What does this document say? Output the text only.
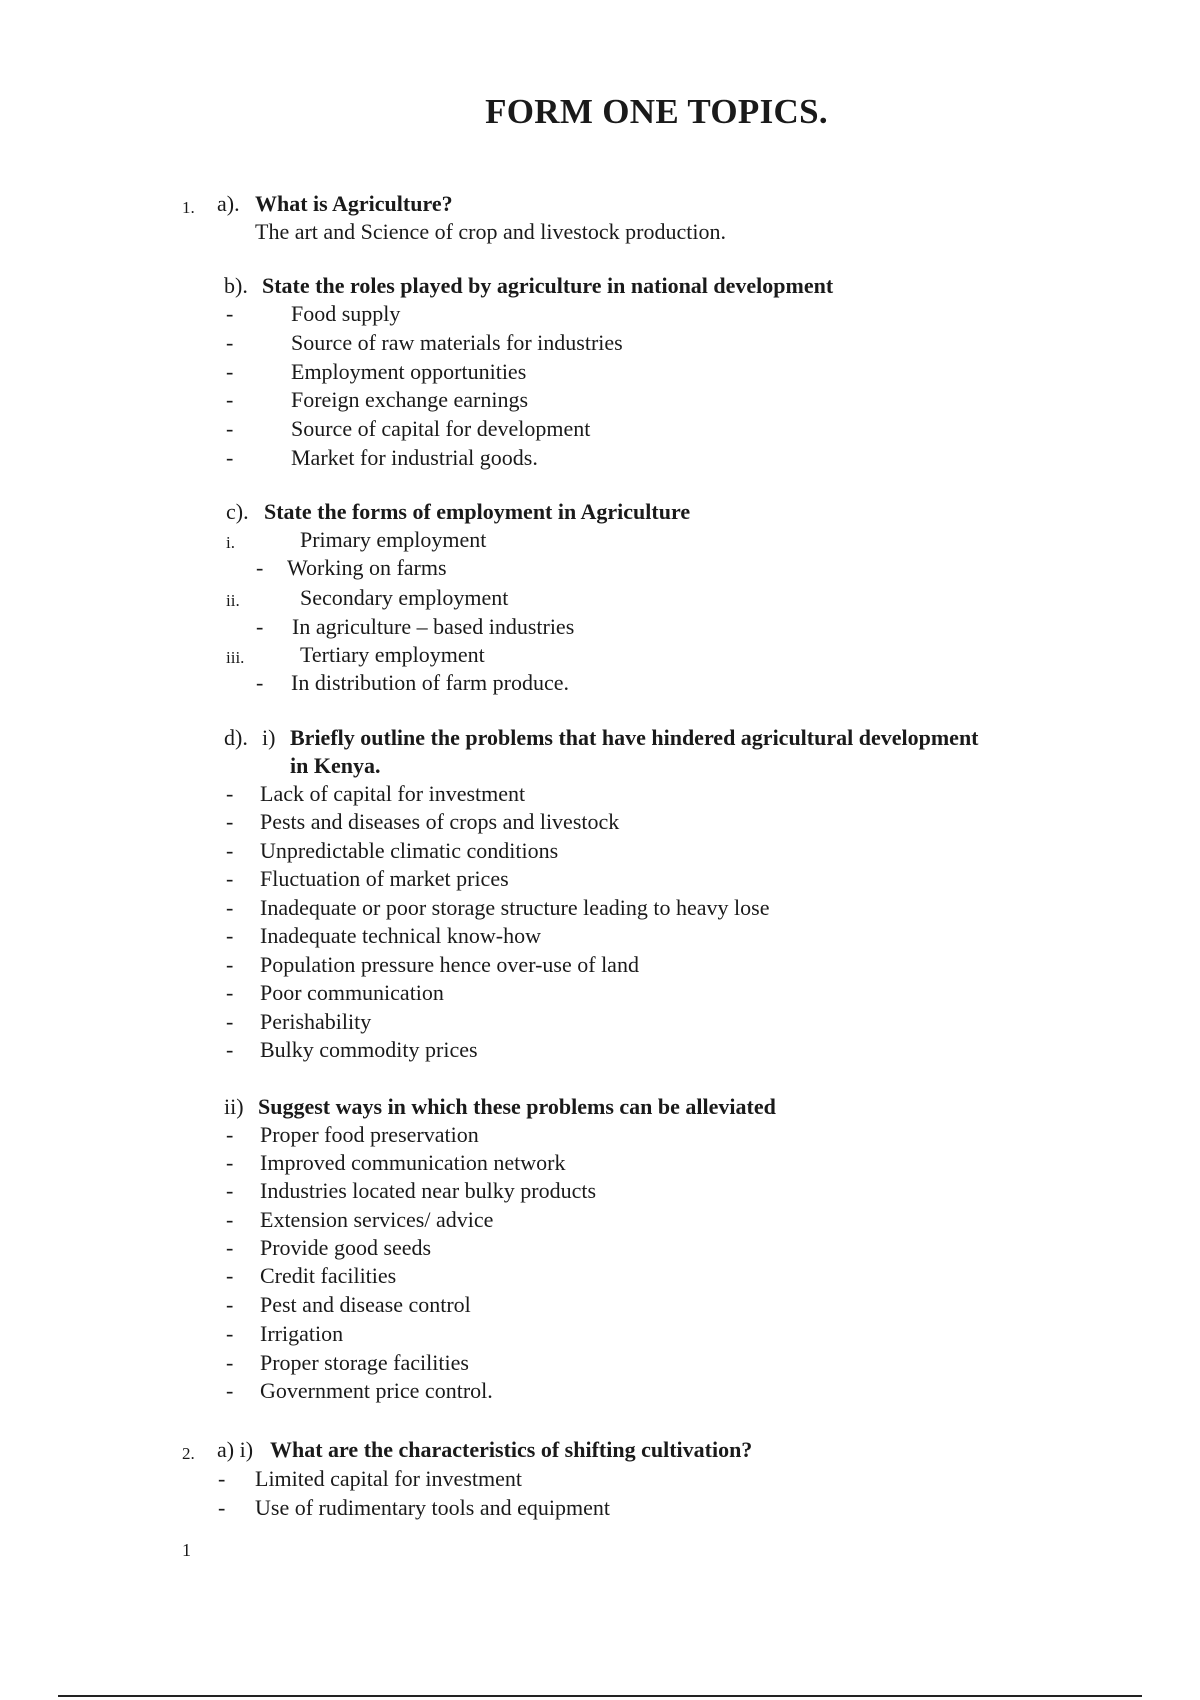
FORM ONE TOPICS.
1. a). What is Agriculture?
The art and Science of crop and livestock production.
b). State the roles played by agriculture in national development
-	Food supply
-	Source of raw materials for industries
-	Employment opportunities
-	Foreign exchange earnings
-	Source of capital for development
-	Market for industrial goods.
c). State the forms of employment in Agriculture
i.	Primary employment
- Working on farms
ii.	Secondary employment
- In agriculture – based industries
iii.	Tertiary employment
- In distribution of farm produce.
d). i) Briefly outline the problems that have hindered agricultural development
in Kenya.
- Lack of capital for investment
- Pests and diseases of crops and livestock
- Unpredictable climatic conditions
- Fluctuation of market prices
- Inadequate or poor storage structure leading to heavy lose
- Inadequate technical know-how
- Population pressure hence over-use of land
- Poor communication
- Perishability
- Bulky commodity prices
ii) Suggest ways in which these problems can be alleviated
- Proper food preservation
- Improved communication network
- Industries located near bulky products
- Extension services/ advice
- Provide good seeds
- Credit facilities
- Pest and disease control
- Irrigation
- Proper storage facilities
- Government price control.
2. a) i) What are the characteristics of shifting cultivation?
- Limited capital for investment
- Use of rudimentary tools and equipment
1
